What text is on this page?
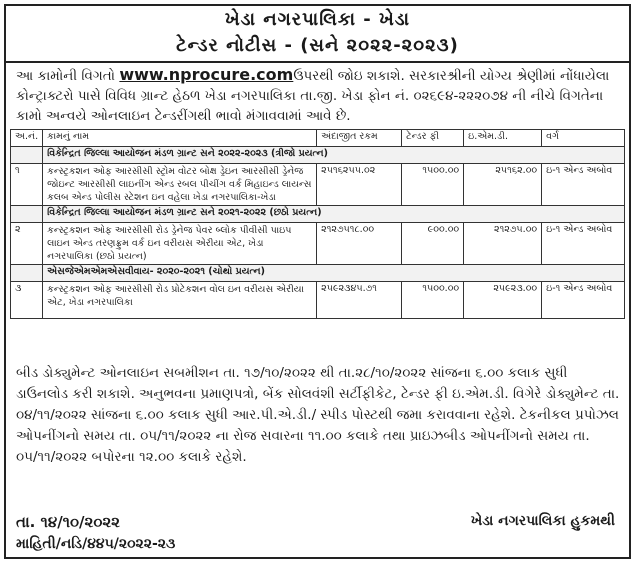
ખેડા નગરપાલિકા - ખેડા
ટેન્ડર નોટીસ - (સને ૨૦૨૨-૨૦૨૩)
આ કામોની વિગતો www.nprocure.comઉપરથી જોઇ શકાશે. સરકારશ્રીની યોગ્ય શ્રેણીમાં નોંધાયેલા કોન્ટ્રાક્ટરો પાસે વિવિધ ગ્રાન્ટ હેઠળ ખેડા નગરપાલિકા તા.જી. ખેડા ફોન નં. ૦૨૬૯૪-૨૨૨૦૭૪ ની નીચે વિગતેના કામો અન્વયે ઓનલાઇન ટેન્ડરીંગથી ભાવો મંગાવવામાં આવે છે.
અ.નં.	કામનું નામ	અંદાજીત રકમ	ટેન્ડર ફી	ઇ.એમ.ડી.	વર્ગ
	વિકેન્દ્રિત જિલ્લા આયોજન મંડળ ગ્રાન્ટ સને ૨૦૨૨-૨૦૨૩ (ત્રીજો પ્રયત્ન)				
૧	કન્સ્ટ્રકશન ઓફ આરસીસી સ્ટ્રોમ વોટર બોક્ષ ડ્રેઇન આરસીસી ડ્રેનેજ જોઇન્ટ આરસીસી લાઇનીંગ એન્ડ રબલ પીચીંગ વર્ક મિહાઇન્ડ લાયન્સ કલબ એન્ડ પોલીસ સ્ટેશન ઇન વહેલા ખેડા નગરપાલિકા-ખેડા	૨૫૧૬૨૫૫.૦૨	૧૫૦૦.૦૦	૨૫૧૬૨.૦૦	ઇ-૧ એન્ડ અબોવ
	વિકેન્દ્રિત જિલ્લા આયોજન મંડળ ગ્રાન્ટ સને ૨૦૨૧-૨૦૨૨ (છઠો પ્રયત્ન)				
૨	કન્સ્ટ્રકશન ઓફ આરસીસી રોડ ડ્રેનેજ પેવર બ્લોક પીવીસી પાઇપ લાઇન એન્ડ તરણફ્રુમ વર્ક ઇન વરીયસ એરીયા એટ, ખેડા નગરપાલિકા (છઠો પ્રયત્ન)	૨૧૨૭૫૧૮.૦૦	૯૦૦.૦૦	૨૧૨૭૫.૦૦	ઇ-૧ એન્ડ અબોવ
	એસજેએમએમએસવીવાય- ૨૦૨૦-૨૦૨૧ (ચોથો પ્રયત્ન)				
૩	કન્સ્ટ્રકશન ઓફ આરસીસી રોડ પ્રોટેકશન વોલ ઇન વરીયસ એરીયા એટ, ખેડા નગરપાલિકા	૨૫૯૨૩૪૫.૭૧	૧૫૦૦.૦૦	૨૫૯૨૩.૦૦	ઇ-૧ એન્ડ અબોવ
બીડ ડોક્યુમેન્ટ ઓનલાઇન સબમીશન તા. ૧૭/૧૦/૨૦૨૨ થી તા.૨૮/૧૦/૨૦૨૨ સાંજના ૬.૦૦ કલાક સુધી ડાઉનલોડ કરી શકાશે. અનુભવના પ્રમાણપત્રો, બેંક સોલવંશી સર્ટીફીકેટ, ટેન્ડર ફી ઇ.એમ.ડી. વિગેરે ડોક્યુમેન્ટ તા. ૦૪/૧૧/૨૦૨૨ સાંજના ૬.૦૦ કલાક સુધી આર.પી.એ.ડી./ સ્પીડ પોસ્ટથી જમા કરાવવાના રહેશે. ટેકનીકલ પ્રપોઝલ ઓપનીંગનો સમય તા. ૦૫/૧૧/૨૦૨૨ ના રોજ સવારના ૧૧.૦૦ કલાકે તથા પ્રાઇઝબીડ ઓપનીંગનો સમય તા. ૦૫/૧૧/૨૦૨૨ બપોરના ૧૨.૦૦ કલાકે રહેશે.
તા. ૧૪/૧૦/૨૦૨૨	ખેડા નગરપાલિકા હુકમથી
માહિતી/નડિ/૪૪૫/૨૦૨૨-૨૩
